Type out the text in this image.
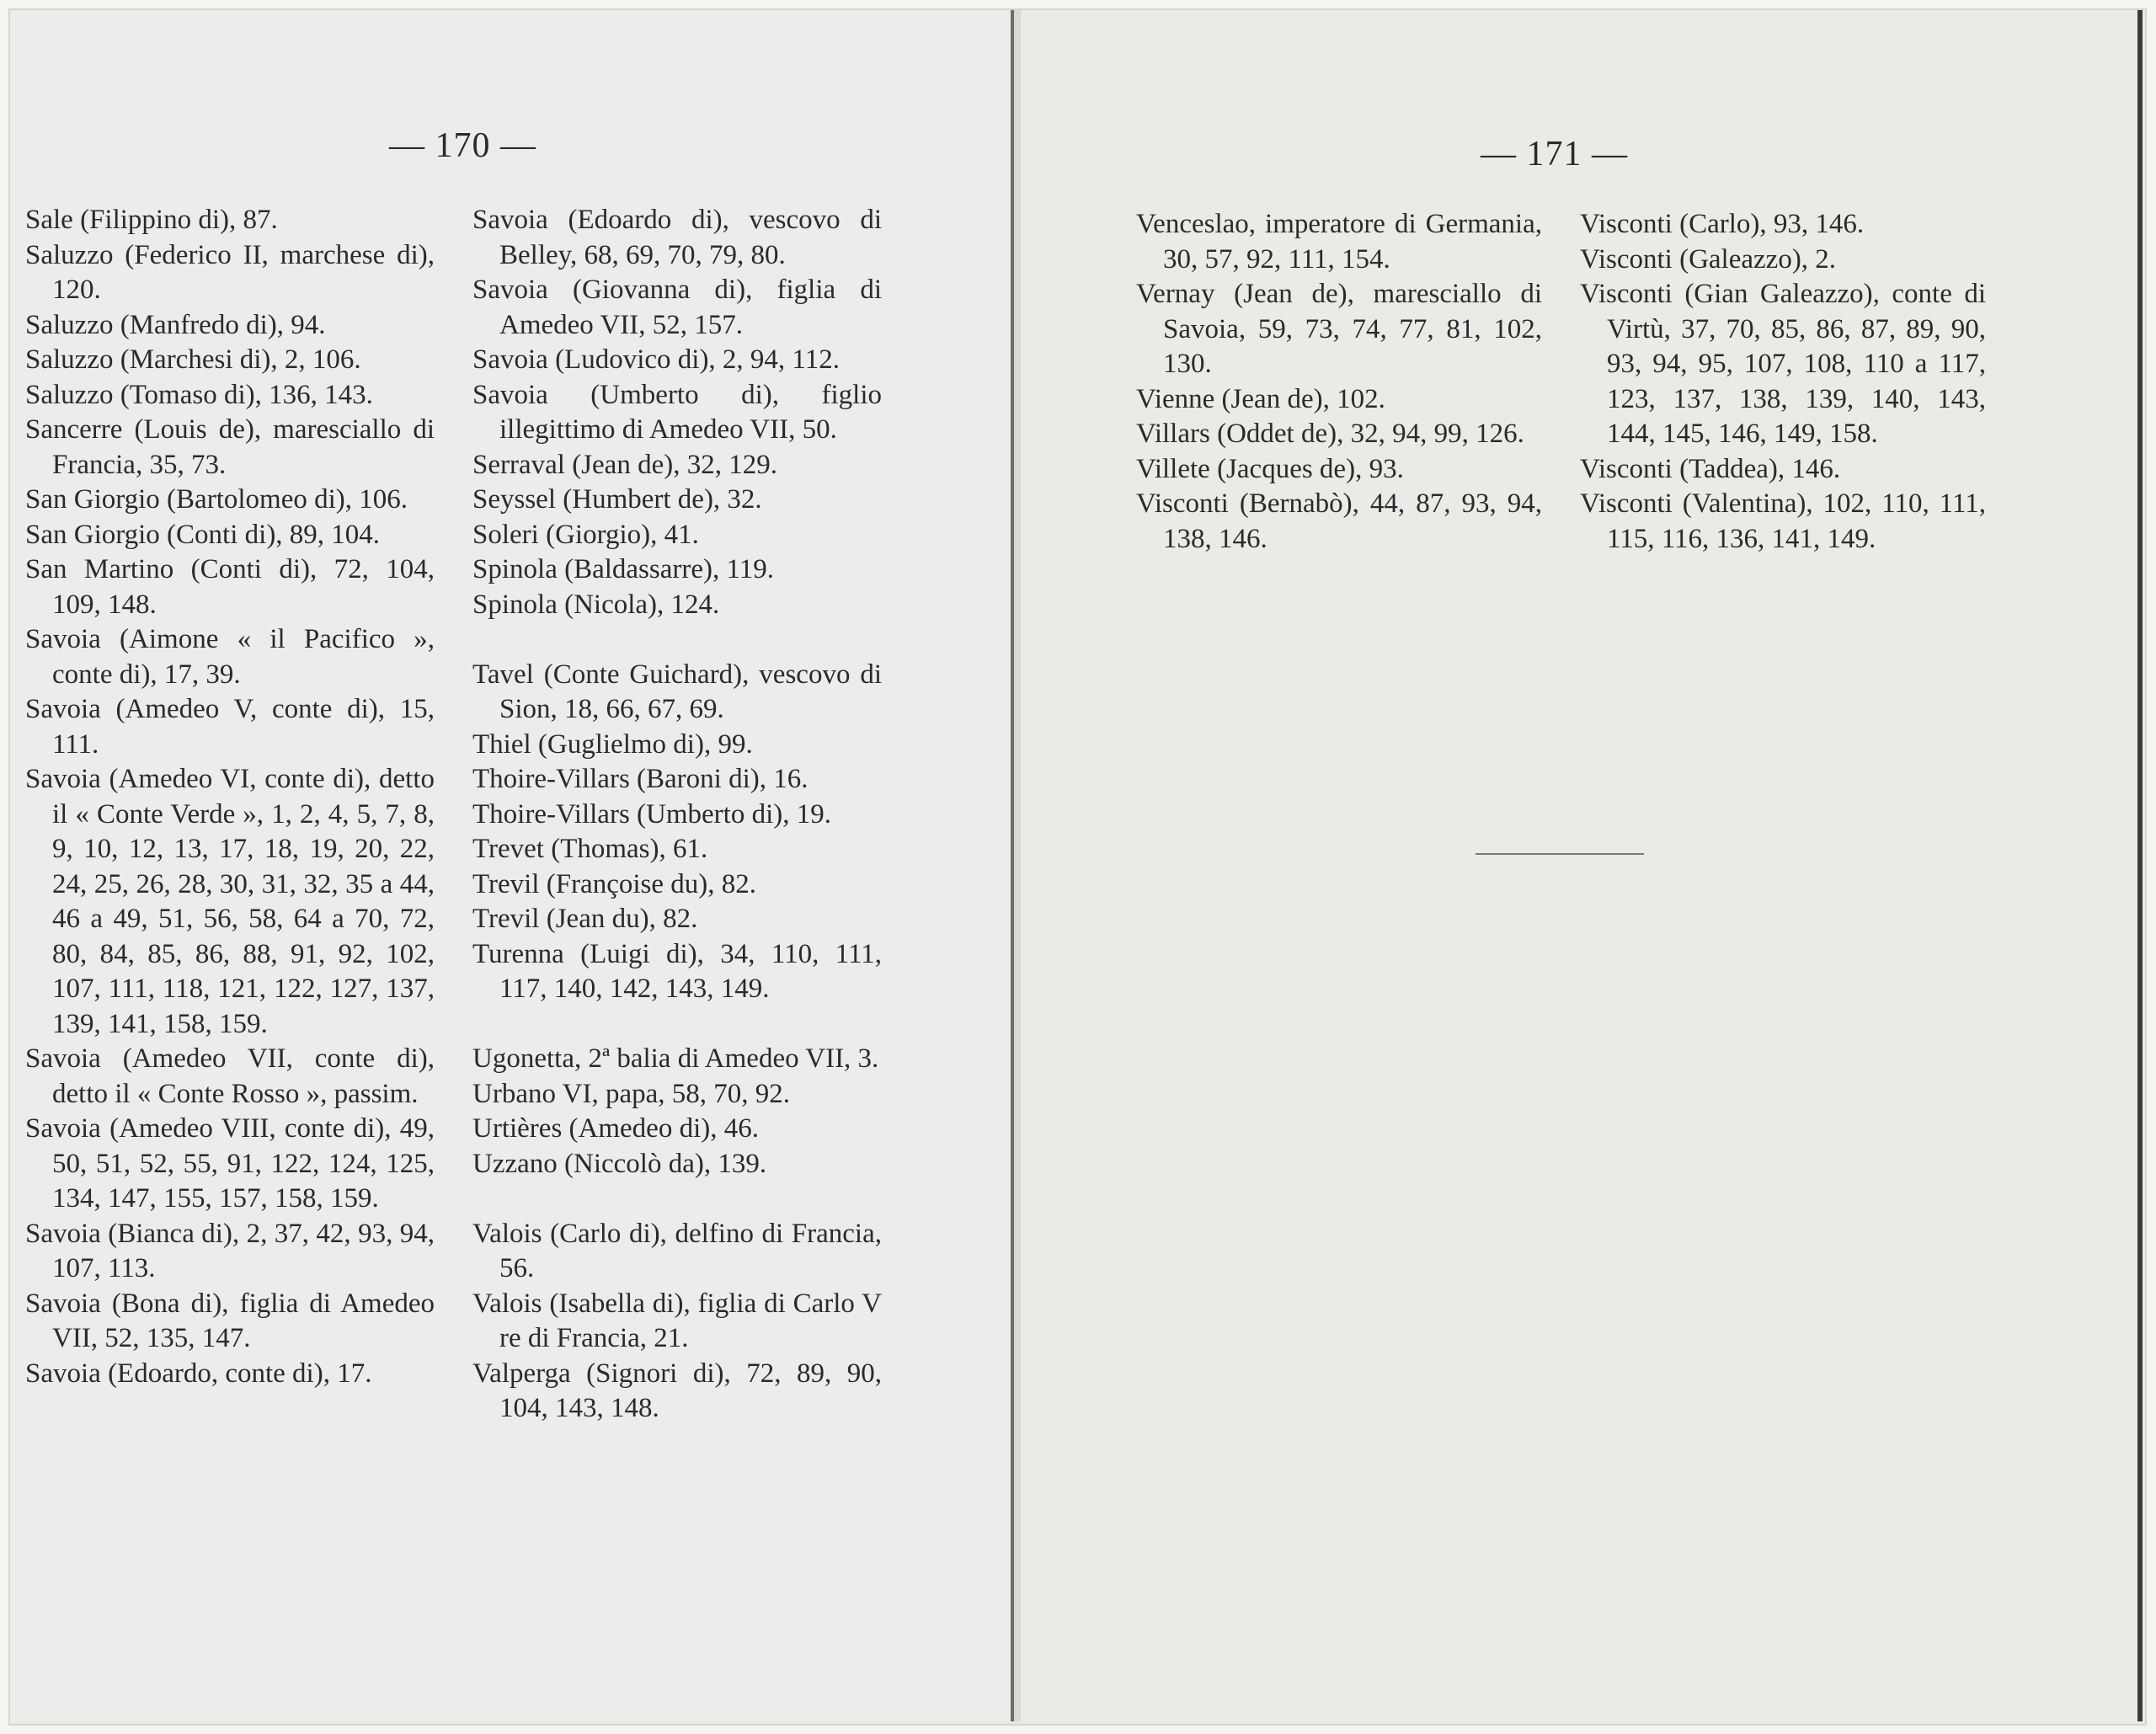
— 170 —	— 171 —

Sale (Filippino di), 87.

Saluzzo (Federico II, marchese di), 120.

Saluzzo (Manfredo di), 94.

Saluzzo (Marchesi di), 2, 106.

Saluzzo (Tomaso di), 136, 143.

Sancerre (Louis de), maresciallo di Francia, 35, 73.

San Giorgio (Bartolomeo di), 106.

San Giorgio (Conti di), 89, 104.

San Martino (Conti di), 72, 104, 109, 148.

Savoia (Aimone « il Pacifico », conte di), 17, 39.

Savoia (Amedeo V, conte di), 15, 111.

Savoia (Amedeo VI, conte di), detto il « Conte Verde », 1, 2, 4, 5, 7, 8, 9, 10, 12, 13, 17, 18, 19, 20, 22, 24, 25, 26, 28, 30, 31, 32, 35 a 44, 46 a 49, 51, 56, 58, 64 a 70, 72, 80, 84, 85, 86, 88, 91, 92, 102, 107, 111, 118, 121, 122, 127, 137, 139, 141, 158, 159.

Savoia (Amedeo VII, conte di), detto il « Conte Rosso », passim.

Savoia (Amedeo VIII, conte di), 49, 50, 51, 52, 55, 91, 122, 124, 125, 134, 147, 155, 157, 158, 159.

Savoia (Bianca di), 2, 37, 42, 93, 94, 107, 113.

Savoia (Bona di), figlia di Amedeo VII, 52, 135, 147.

Savoia (Edoardo, conte di), 17.

Savoia (Edoardo di), vescovo di Belley, 68, 69, 70, 79, 80.

Savoia (Giovanna di), figlia di Amedeo VII, 52, 157.

Savoia (Ludovico di), 2, 94, 112.

Savoia (Umberto di), figlio illegittimo di Amedeo VII, 50.

Serraval (Jean de), 32, 129.

Seyssel (Humbert de), 32.

Soleri (Giorgio), 41.

Spinola (Baldassarre), 119.

Spinola (Nicola), 124.

Tavel (Conte Guichard), vescovo di Sion, 18, 66, 67, 69.

Thiel (Guglielmo di), 99.

Thoire-Villars (Baroni di), 16.

Thoire-Villars (Umberto di), 19.

Trevet (Thomas), 61.

Trevil (Françoise du), 82.

Trevil (Jean du), 82.

Turenna (Luigi di), 34, 110, 111, 117, 140, 142, 143, 149.

Ugonetta, 2ª balia di Amedeo VII, 3.

Urbano VI, papa, 58, 70, 92.

Urtières (Amedeo di), 46.

Uzzano (Niccolò da), 139.

Valois (Carlo di), delfino di Francia, 56.

Valois (Isabella di), figlia di Carlo V re di Francia, 21.

Valperga (Signori di), 72, 89, 90, 104, 143, 148.

Venceslao, imperatore di Germania, 30, 57, 92, 111, 154.

Vernay (Jean de), maresciallo di Savoia, 59, 73, 74, 77, 81, 102, 130.

Vienne (Jean de), 102.

Villars (Oddet de), 32, 94, 99, 126.

Villete (Jacques de), 93.

Visconti (Bernabò), 44, 87, 93, 94, 138, 146.

Visconti (Carlo), 93, 146.

Visconti (Galeazzo), 2.

Visconti (Gian Galeazzo), conte di Virtù, 37, 70, 85, 86, 87, 89, 90, 93, 94, 95, 107, 108, 110 a 117, 123, 137, 138, 139, 140, 143, 144, 145, 146, 149, 158.

Visconti (Taddea), 146.

Visconti (Valentina), 102, 110, 111, 115, 116, 136, 141, 149.
